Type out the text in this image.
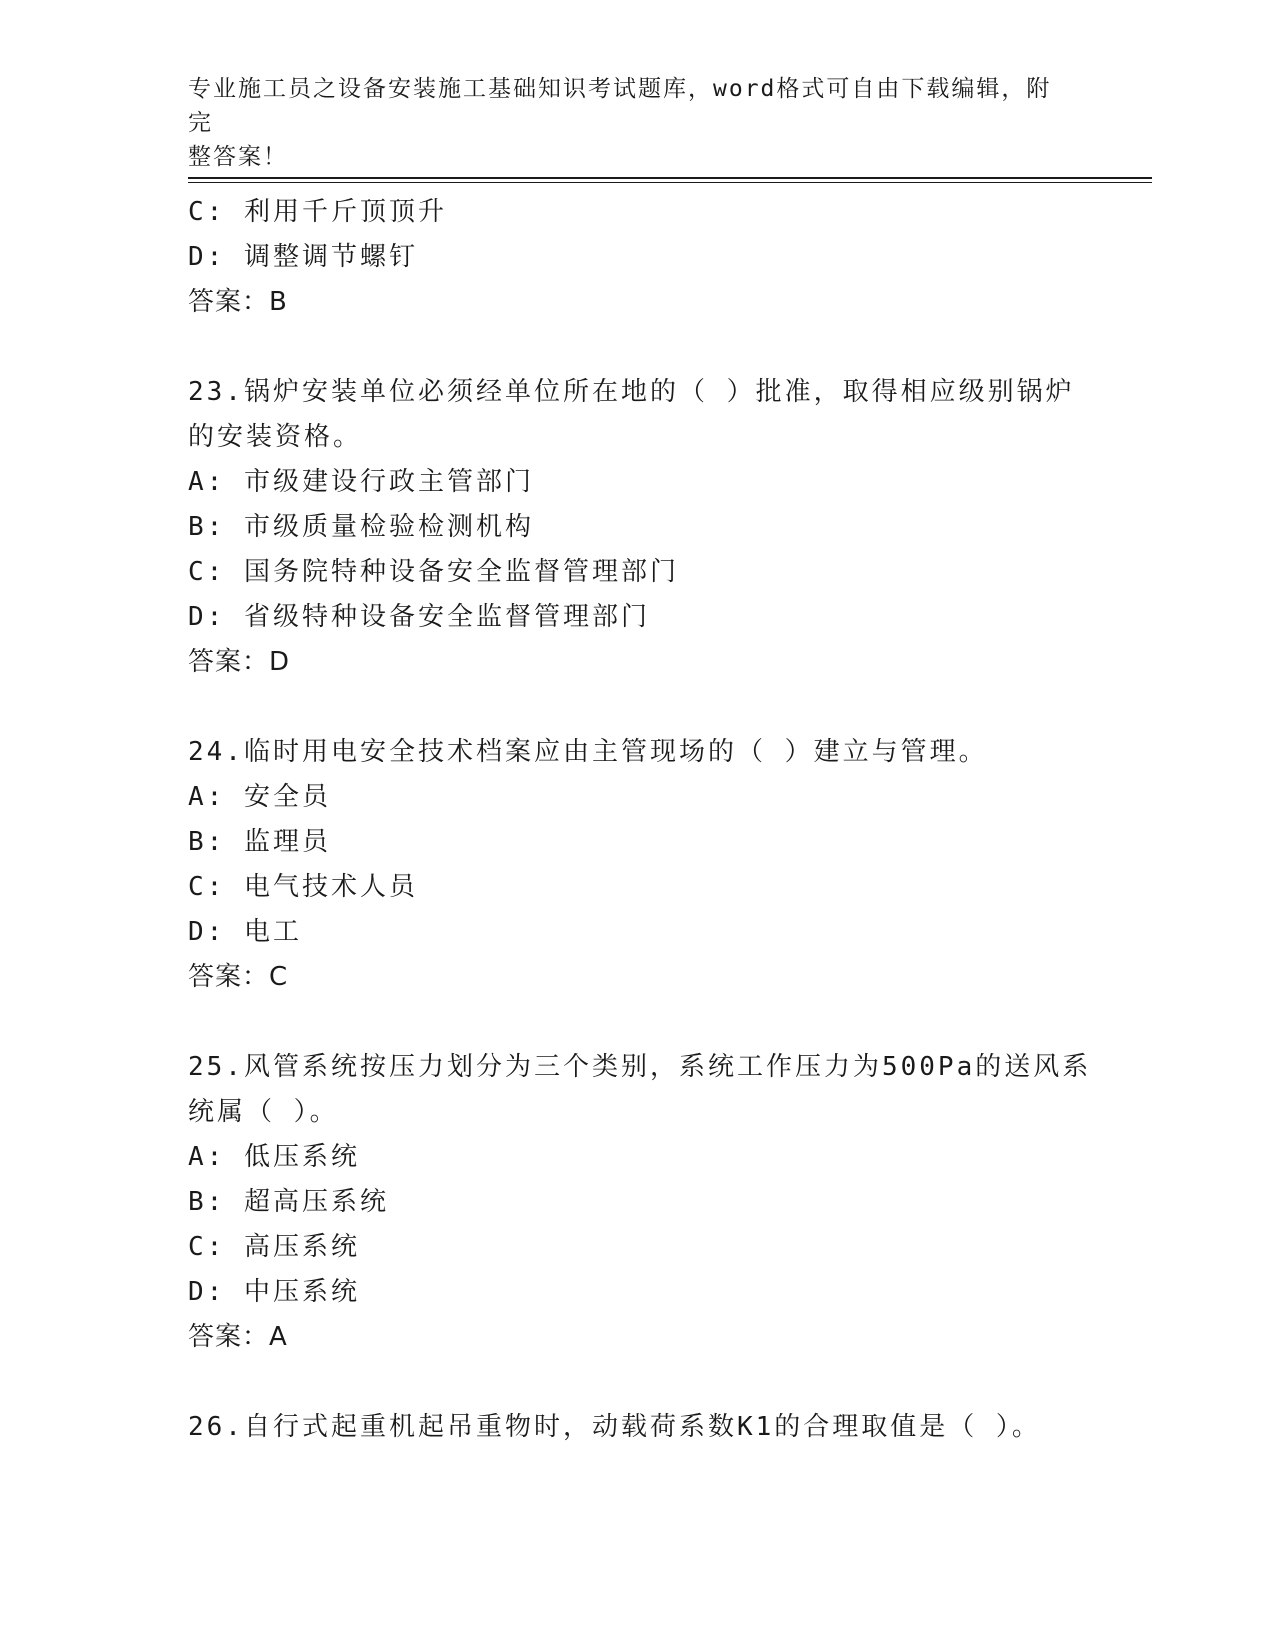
专业施工员之设备安装施工基础知识考试题库，word格式可自由下载编辑，附完
整答案！
C: 利用千斤顶顶升
D: 调整调节螺钉
答案：B
23.锅炉安装单位必须经单位所在地的（ ）批准，取得相应级别锅炉
的安装资格。
A: 市级建设行政主管部门
B: 市级质量检验检测机构
C: 国务院特种设备安全监督管理部门
D: 省级特种设备安全监督管理部门
答案：D
24.临时用电安全技术档案应由主管现场的（ ）建立与管理。
A: 安全员
B: 监理员
C: 电气技术人员
D: 电工
答案：C
25.风管系统按压力划分为三个类别，系统工作压力为500Pa的送风系
统属（ ）。
A: 低压系统
B: 超高压系统
C: 高压系统
D: 中压系统
答案：A
26.自行式起重机起吊重物时，动载荷系数K1的合理取值是（ ）。
